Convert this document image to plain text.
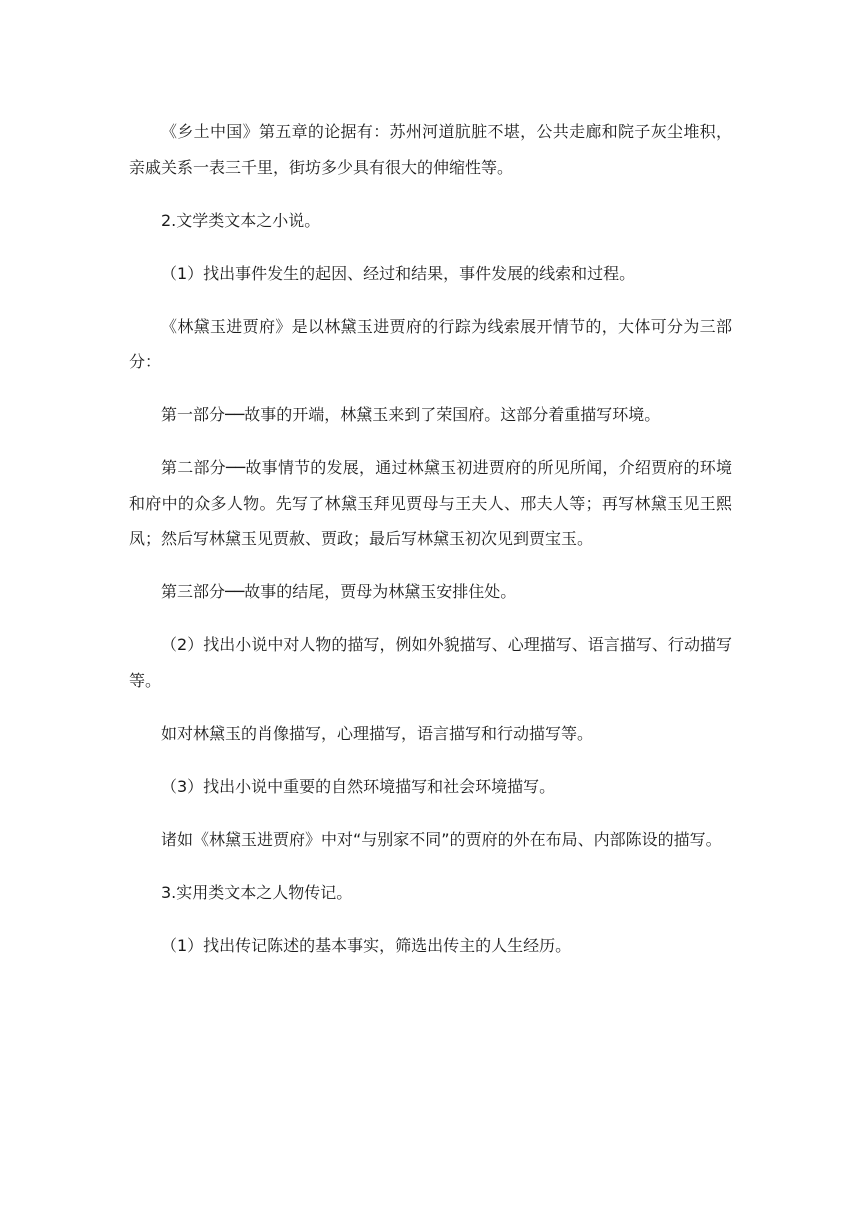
《乡土中国》第五章的论据有：苏州河道肮脏不堪，公共走廊和院子灰尘堆积，亲戚关系一表三千里，街坊多少具有很大的伸缩性等。

2.文学类文本之小说。

（1）找出事件发生的起因、经过和结果，事件发展的线索和过程。

《林黛玉进贾府》是以林黛玉进贾府的行踪为线索展开情节的，大体可分为三部分：

第一部分──故事的开端，林黛玉来到了荣国府。这部分着重描写环境。

第二部分──故事情节的发展，通过林黛玉初进贾府的所见所闻，介绍贾府的环境和府中的众多人物。先写了林黛玉拜见贾母与王夫人、邢夫人等；再写林黛玉见王熙凤；然后写林黛玉见贾赦、贾政；最后写林黛玉初次见到贾宝玉。

第三部分──故事的结尾，贾母为林黛玉安排住处。

（2）找出小说中对人物的描写，例如外貌描写、心理描写、语言描写、行动描写等。

如对林黛玉的肖像描写，心理描写，语言描写和行动描写等。

（3）找出小说中重要的自然环境描写和社会环境描写。

诸如《林黛玉进贾府》中对“与别家不同”的贾府的外在布局、内部陈设的描写。

3.实用类文本之人物传记。

（1）找出传记陈述的基本事实，筛选出传主的人生经历。
